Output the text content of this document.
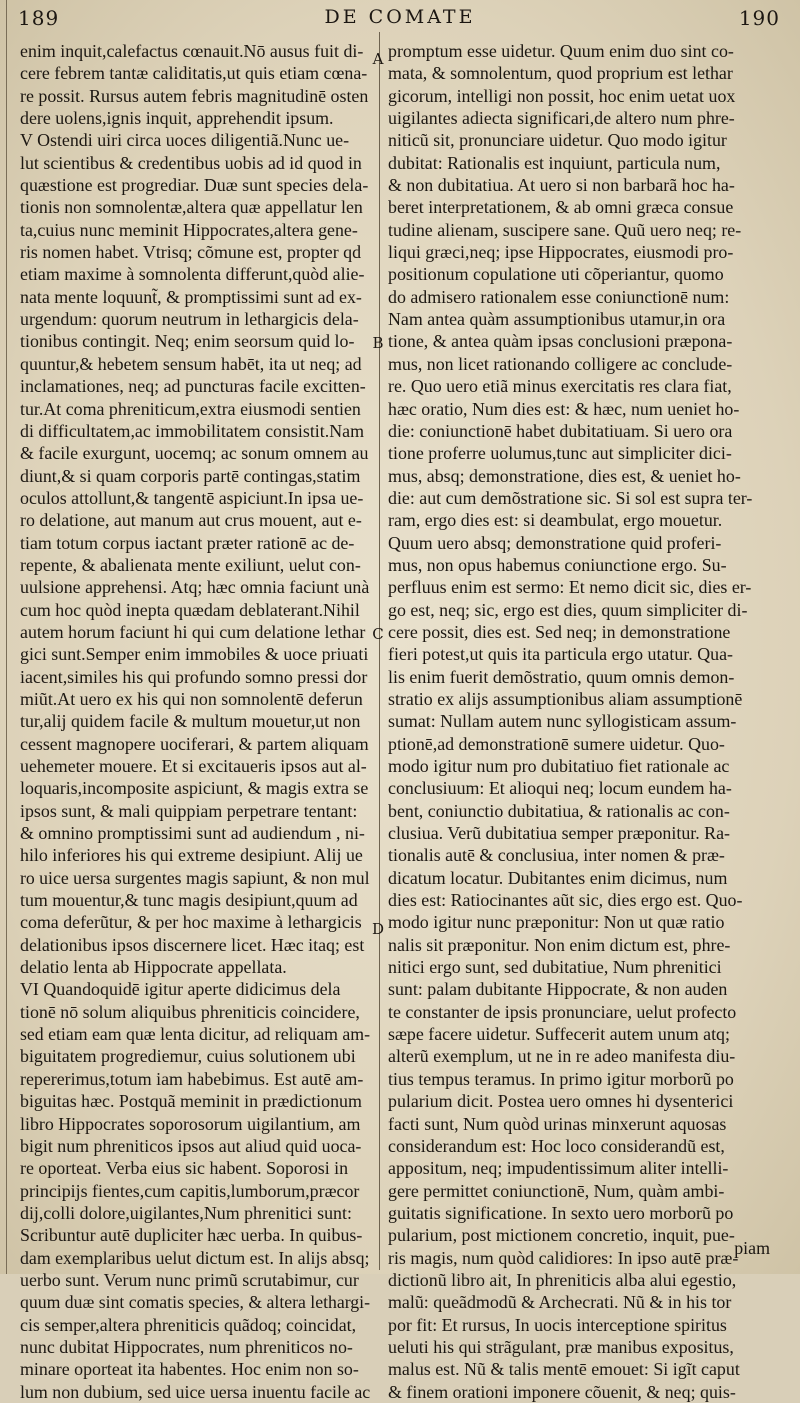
189	DE COMATE	190
A
B
C
D
enim inquit,calefactus cœnauit.Nō ausus fuit di-
cere febrem tantæ caliditatis,ut quis etiam cœna-
re possit. Rursus autem febris magnitudinē osten
dere uolens,ignis inquit, apprehendit ipsum.
V Ostendi uiri circa uoces diligentiã.Nunc ue-
lut scientibus & credentibus uobis ad id quod in
quæstione est progrediar. Duæ sunt species dela-
tionis non somnolentæ,altera quæ appellatur len
ta,cuius nunc meminit Hippocrates,altera gene-
ris nomen habet. Vtrisq; cõmune est, propter qd
etiam maxime à somnolenta differunt,quòd alie-
nata mente loquunt̃, & promptissimi sunt ad ex-
urgendum: quorum neutrum in lethargicis dela-
tionibus contingit. Neq; enim seorsum quid lo-
quuntur,& hebetem sensum habēt, ita ut neq; ad
inclamationes, neq; ad puncturas facile excitten-
tur.At coma phreniticum,extra eiusmodi sentien
di difficultatem,ac immobilitatem consistit.Nam
& facile exurgunt, uocemq; ac sonum omnem au
diunt,& si quam corporis partē contingas,statim
oculos attollunt,& tangentē aspiciunt.In ipsa ue-
ro delatione, aut manum aut crus mouent, aut e-
tiam totum corpus iactant præter rationē ac de-
repente, & abalienata mente exiliunt, uelut con-
uulsione apprehensi. Atq; hæc omnia faciunt unà
cum hoc quòd inepta quædam deblaterant.Nihil
autem horum faciunt hi qui cum delatione lethar
gici sunt.Semper enim immobiles & uoce priuati
iacent,similes his qui profundo somno pressi dor
miũt.At uero ex his qui non somnolentē deferun
tur,alij quidem facile & multum mouetur,ut non
cessent magnopere uociferari, & partem aliquam
uehemeter mouere. Et si excitaueris ipsos aut al-
loquaris,incomposite aspiciunt, & magis extra se
ipsos sunt, & mali quippiam perpetrare tentant:
& omnino promptissimi sunt ad audiendum , ni-
hilo inferiores his qui extreme desipiunt. Alij ue
ro uice uersa surgentes magis sapiunt, & non mul
tum mouentur,& tunc magis desipiunt,quum ad
coma deferũtur, & per hoc maxime à lethargicis
delationibus ipsos discernere licet. Hæc itaq; est
delatio lenta ab Hippocrate appellata.
VI Quandoquidē igitur aperte didicimus dela
tionē nō solum aliquibus phreniticis coincidere,
sed etiam eam quæ lenta dicitur, ad reliquam am-
biguitatem progrediemur, cuius solutionem ubi
repererimus,totum iam habebimus. Est autē am-
biguitas hæc. Postquã meminit in prædictionum
libro Hippocrates soporosorum uigilantium, am
bigit num phreniticos ipsos aut aliud quid uoca-
re oporteat. Verba eius sic habent. Soporosi in
principijs fientes,cum capitis,lumborum,præcor
dij,colli dolore,uigilantes,Num phrenitici sunt:
Scribuntur autē dupliciter hæc uerba. In quibus-
dam exemplaribus uelut dictum est. In alijs absq;
uerbo sunt. Verum nunc primũ scrutabimur, cur
quum duæ sint comatis species, & altera lethargi-
cis semper,altera phreniticis quãdoq; coincidat,
nunc dubitat Hippocrates, num phreniticos no-
minare oporteat ita habentes. Hoc enim non so-
lum non dubium, sed uice uersa inuentu facile ac
promptum esse uidetur. Quum enim duo sint co-
mata, & somnolentum, quod proprium est lethar
gicorum, intelligi non possit, hoc enim uetat uox
uigilantes adiecta significari,de altero num phre-
niticũ sit, pronunciare uidetur. Quo modo igitur
dubitat: Rationalis est inquiunt, particula num,
& non dubitatiua. At uero si non barbarã hoc ha-
beret interpretationem, & ab omni græca consue
tudine alienam, suscipere sane. Quũ uero neq; re-
liqui græci,neq; ipse Hippocrates, eiusmodi pro-
positionum copulatione uti cõperiantur, quomo
do admisero rationalem esse coniunctionē num:
Nam antea quàm assumptionibus utamur,in ora
tione, & antea quàm ipsas conclusioni præpona-
mus, non licet rationando colligere ac conclude-
re. Quo uero etiã minus exercitatis res clara fiat,
hæc oratio, Num dies est: & hæc, num ueniet ho-
die: coniunctionē habet dubitatiuam. Si uero ora
tione proferre uolumus,tunc aut simpliciter dici-
mus, absq; demonstratione, dies est, & ueniet ho-
die: aut cum demõstratione sic. Si sol est supra ter-
ram, ergo dies est: si deambulat, ergo mouetur.
Quum uero absq; demonstratione quid proferi-
mus, non opus habemus coniunctione ergo. Su-
perfluus enim est sermo: Et nemo dicit sic, dies er-
go est, neq; sic, ergo est dies, quum simpliciter di-
cere possit, dies est. Sed neq; in demonstratione
fieri potest,ut quis ita particula ergo utatur. Qua-
lis enim fuerit demõstratio, quum omnis demon-
stratio ex alijs assumptionibus aliam assumptionē
sumat: Nullam autem nunc syllogisticam assum-
ptionē,ad demonstrationē sumere uidetur. Quo-
modo igitur num pro dubitatiuo fiet rationale ac
conclusiuum: Et alioqui neq; locum eundem ha-
bent, coniunctio dubitatiua, & rationalis ac con-
clusiua. Verũ dubitatiua semper præponitur. Ra-
tionalis autē & conclusiua, inter nomen & præ-
dicatum locatur. Dubitantes enim dicimus, num
dies est: Ratiocinantes aũt sic, dies ergo est. Quo-
modo igitur nunc præponitur: Non ut quæ ratio
nalis sit præponitur. Non enim dictum est, phre-
nitici ergo sunt, sed dubitatiue, Num phrenitici
sunt: palam dubitante Hippocrate, & non auden
te constanter de ipsis pronunciare, uelut profecto
sæpe facere uidetur. Suffecerit autem unum atq;
alterũ exemplum, ut ne in re adeo manifesta diu-
tius tempus teramus. In primo igitur morborũ po
pularium dicit. Postea uero omnes hi dysenterici
facti sunt, Num quòd urinas minxerunt aquosas
considerandum est: Hoc loco considerandũ est,
appositum, neq; impudentissimum aliter intelli-
gere permittet coniunctionē, Num, quàm ambi-
guitatis significatione. In sexto uero morborũ po
pularium, post mictionem concretio, inquit, pue-
ris magis, num quòd calidiores: In ipso autē præ-
dictionũ libro ait, In phreniticis alba alui egestio,
malũ: queãdmodũ & Archecrati. Nũ & in his tor
por fit: Et rursus, In uocis interceptione spiritus
ueluti his qui strãgulant, præ manibus expositus,
malus est. Nũ & talis mentē emouet: Si igĩt caput
& finem orationi imponere cõuenit, & neq; quis-
piam
